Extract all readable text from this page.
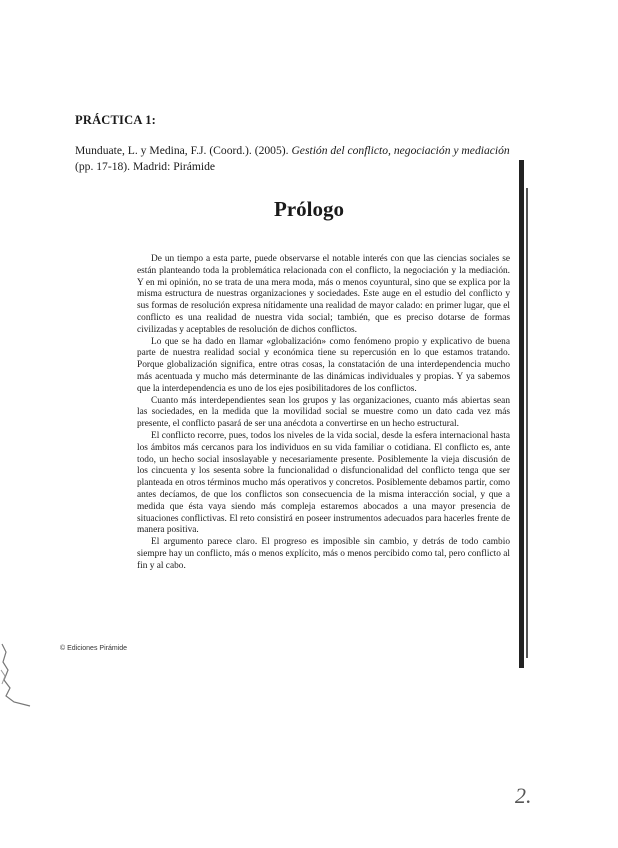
PRÁCTICA 1:
Munduate, L. y Medina, F.J. (Coord.). (2005). Gestión del conflicto, negociación y mediación (pp. 17-18). Madrid: Pirámide
Prólogo

De un tiempo a esta parte, puede observarse el notable interés con que las ciencias sociales se están planteando toda la problemática relacionada con el conflicto, la negociación y la mediación. Y en mi opinión, no se trata de una mera moda, más o menos coyuntural, sino que se explica por la misma estructura de nuestras organizaciones y sociedades. Este auge en el estudio del conflicto y sus formas de resolución expresa nítidamente una realidad de mayor calado: en primer lugar, que el conflicto es una realidad de nuestra vida social; también, que es preciso dotarse de formas civilizadas y aceptables de resolución de dichos conflictos.

Lo que se ha dado en llamar «globalización» como fenómeno propio y explicativo de buena parte de nuestra realidad social y económica tiene su repercusión en lo que estamos tratando. Porque globalización significa, entre otras cosas, la constatación de una interdependencia mucho más acentuada y mucho más determinante de las dinámicas individuales y propias. Y ya sabemos que la interdependencia es uno de los ejes posibilitadores de los conflictos.

Cuanto más interdependientes sean los grupos y las organizaciones, cuanto más abiertas sean las sociedades, en la medida que la movilidad social se muestre como un dato cada vez más presente, el conflicto pasará de ser una anécdota a convertirse en un hecho estructural.

El conflicto recorre, pues, todos los niveles de la vida social, desde la esfera internacional hasta los ámbitos más cercanos para los individuos en su vida familiar o cotidiana. El conflicto es, ante todo, un hecho social insoslayable y necesariamente presente. Posiblemente la vieja discusión de los cincuenta y los sesenta sobre la funcionalidad o disfuncionalidad del conflicto tenga que ser planteada en otros términos mucho más operativos y concretos. Posiblemente debamos partir, como antes decíamos, de que los conflictos son consecuencia de la misma interacción social, y que a medida que ésta vaya siendo más compleja estaremos abocados a una mayor presencia de situaciones conflictivas. El reto consistirá en poseer instrumentos adecuados para hacerles frente de manera positiva.

El argumento parece claro. El progreso es imposible sin cambio, y detrás de todo cambio siempre hay un conflicto, más o menos explícito, más o menos percibido como tal, pero conflicto al fin y al cabo.

© Ediciones Pirámide
2.
